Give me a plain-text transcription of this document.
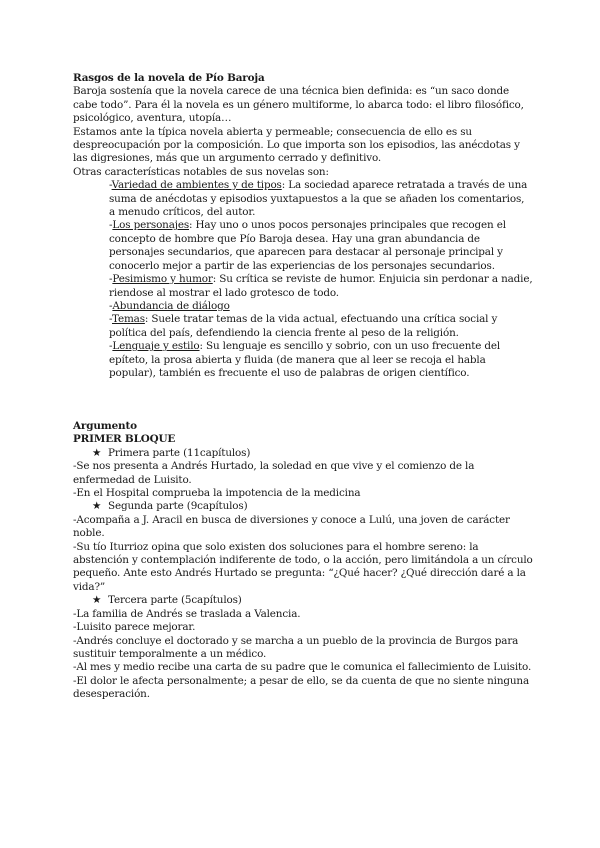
Rasgos de la novela de Pío Baroja

Baroja sostenía que la novela carece de una técnica bien definida: es “un saco donde cabe todo”. Para él la novela es un género multiforme, lo abarca todo: el libro filosófico, psicológico, aventura, utopía…

Estamos ante la típica novela abierta y permeable; consecuencia de ello es su despreocupación por la composición. Lo que importa son los episodios, las anécdotas y las digresiones, más que un argumento cerrado y definitivo.

Otras características notables de sus novelas son:

-Variedad de ambientes y de tipos: La sociedad aparece retratada a través de una suma de anécdotas y episodios yuxtapuestos a la que se añaden los comentarios, a menudo críticos, del autor.

-Los personajes: Hay uno o unos pocos personajes principales que recogen el concepto de hombre que Pío Baroja desea. Hay una gran abundancia de personajes secundarios, que aparecen para destacar al personaje principal y conocerlo mejor a partir de las experiencias de los personajes secundarios.

-Pesimismo y humor: Su crítica se reviste de humor. Enjuicia sin perdonar a nadie, riendose al mostrar el lado grotesco de todo.

-Abundancia de diálogo

-Temas: Suele tratar temas de la vida actual, efectuando una crítica social y política del país, defendiendo la ciencia frente al peso de la religión.

-Lenguaje y estilo: Su lenguaje es sencillo y sobrio, con un uso frecuente del epíteto, la prosa abierta y fluida (de manera que al leer se recoja el habla popular), también es frecuente el uso de palabras de origen científico.

Argumento

PRIMER BLOQUE

★ Primera parte (11capítulos)

-Se nos presenta a Andrés Hurtado, la soledad en que vive y el comienzo de la enfermedad de Luisito.

-En el Hospital comprueba la impotencia de la medicina

★ Segunda parte (9capítulos)

-Acompaña a J. Aracil en busca de diversiones y conoce a Lulú, una joven de carácter noble.

-Su tío Iturrioz opina que solo existen dos soluciones para el hombre sereno: la abstención y contemplación indiferente de todo, o la acción, pero limitándola a un círculo pequeño. Ante esto Andrés Hurtado se pregunta: “¿Qué hacer? ¿Qué dirección daré a la vida?”

★ Tercera parte (5capítulos)

-La familia de Andrés se traslada a Valencia.

-Luisito parece mejorar.

-Andrés concluye el doctorado y se marcha a un pueblo de la provincia de Burgos para sustituir temporalmente a un médico.

-Al mes y medio recibe una carta de su padre que le comunica el fallecimiento de Luisito.

-El dolor le afecta personalmente; a pesar de ello, se da cuenta de que no siente ninguna desesperación.
